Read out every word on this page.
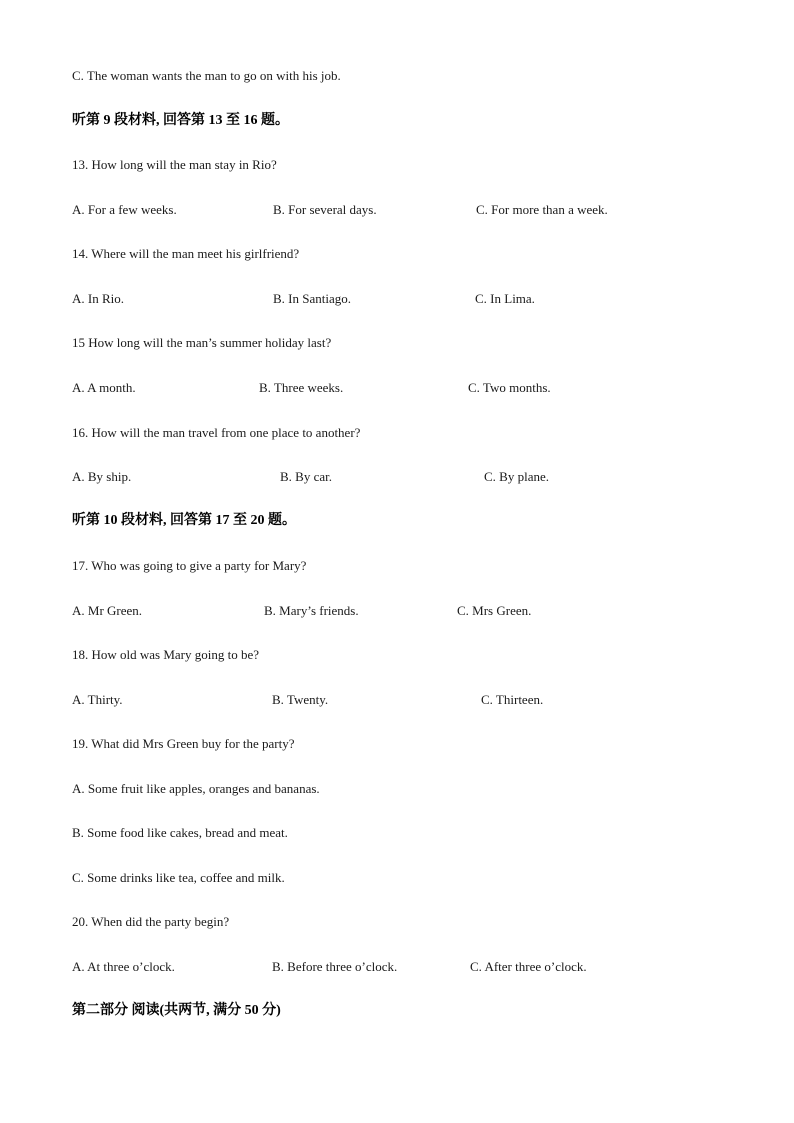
C. The woman wants the man to go on with his job.
听第 9 段材料, 回答第 13 至 16 题。
13. How long will the man stay in Rio?
A. For a few weeks.	B. For several days.	C. For more than a week.
14. Where will the man meet his girlfriend?
A. In Rio.	B. In Santiago.	C. In Lima.
15 How long will the man’s summer holiday last?
A. A month.	B. Three weeks.	C. Two months.
16. How will the man travel from one place to another?
A. By ship.	B. By car.	C. By plane.
听第 10 段材料, 回答第 17 至 20 题。
17. Who was going to give a party for Mary?
A. Mr Green.	B. Mary’s friends.	C. Mrs Green.
18. How old was Mary going to be?
A. Thirty.	B. Twenty.	C. Thirteen.
19. What did Mrs Green buy for the party?
A. Some fruit like apples, oranges and bananas.
B. Some food like cakes, bread and meat.
C. Some drinks like tea, coffee and milk.
20. When did the party begin?
A. At three o’clock.	B. Before three o’clock.	C. After three o’clock.
第二部分 阅读(共两节, 满分 50 分)
